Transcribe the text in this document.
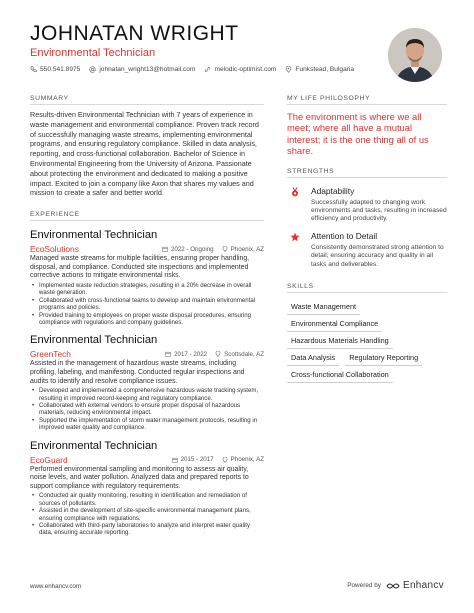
JOHNATAN WRIGHT
Environmental Technician
550.541.8975	johnatan_wright13@hotmail.com	melodic-optimist.com	Funkstead, Bulgaria
SUMMARY
Results-driven Environmental Technician with 7 years of experience in waste management and environmental compliance. Proven track record of successfully managing waste streams, implementing environmental programs, and ensuring regulatory compliance. Skilled in data analysis, reporting, and cross-functional collaboration. Bachelor of Science in Environmental Engineering from the University of Arizona. Passionate about protecting the environment and dedicated to making a positive impact. Excited to join a company like Axon that shares my values and mission to create a safer and better world.
EXPERIENCE
Environmental Technician
EcoSolutions	2022 - Ongoing	Phoenix, AZ
Managed waste streams for multiple facilities, ensuring proper handling, disposal, and compliance. Conducted site inspections and implemented corrective actions to mitigate environmental risks.
• Implemented waste reduction strategies, resulting in a 20% decrease in overall waste generation.
• Collaborated with cross-functional teams to develop and maintain environmental programs and policies.
• Provided training to employees on proper waste disposal procedures, ensuring compliance with regulations and company guidelines.
Environmental Technician
GreenTech	2017 - 2022	Scottsdale, AZ
Assisted in the management of hazardous waste streams, including profiling, labeling, and manifesting. Conducted regular inspections and audits to identify and resolve compliance issues.
• Developed and implemented a comprehensive hazardous waste tracking system, resulting in improved record-keeping and regulatory compliance.
• Collaborated with external vendors to ensure proper disposal of hazardous materials, reducing environmental impact.
• Supported the implementation of storm water management protocols, resulting in improved water quality and compliance.
Environmental Technician
EcoGuard	2015 - 2017	Phoenix, AZ
Performed environmental sampling and monitoring to assess air quality, noise levels, and water pollution. Analyzed data and prepared reports to support compliance with regulatory requirements.
• Conducted air quality monitoring, resulting in identification and remediation of sources of pollutants.
• Assisted in the development of site-specific environmental management plans, ensuring compliance with regulations.
• Collaborated with third-party laboratories to analyze and interpret water quality data, ensuring accurate reporting.
MY LIFE PHILOSOPHY
The environment is where we all meet; where all have a mutual interest; it is the one thing all of us share.
STRENGTHS
Adaptability
Successfully adapted to changing work environments and tasks, resulting in increased efficiency and productivity.
Attention to Detail
Consistently demonstrated strong attention to detail, ensuring accuracy and quality in all tasks and deliverables.
SKILLS
Waste Management
Environmental Compliance
Hazardous Materials Handling
Data Analysis	Regulatory Reporting
Cross-functional Collaboration
www.enhancv.com	Powered by Enhancv
